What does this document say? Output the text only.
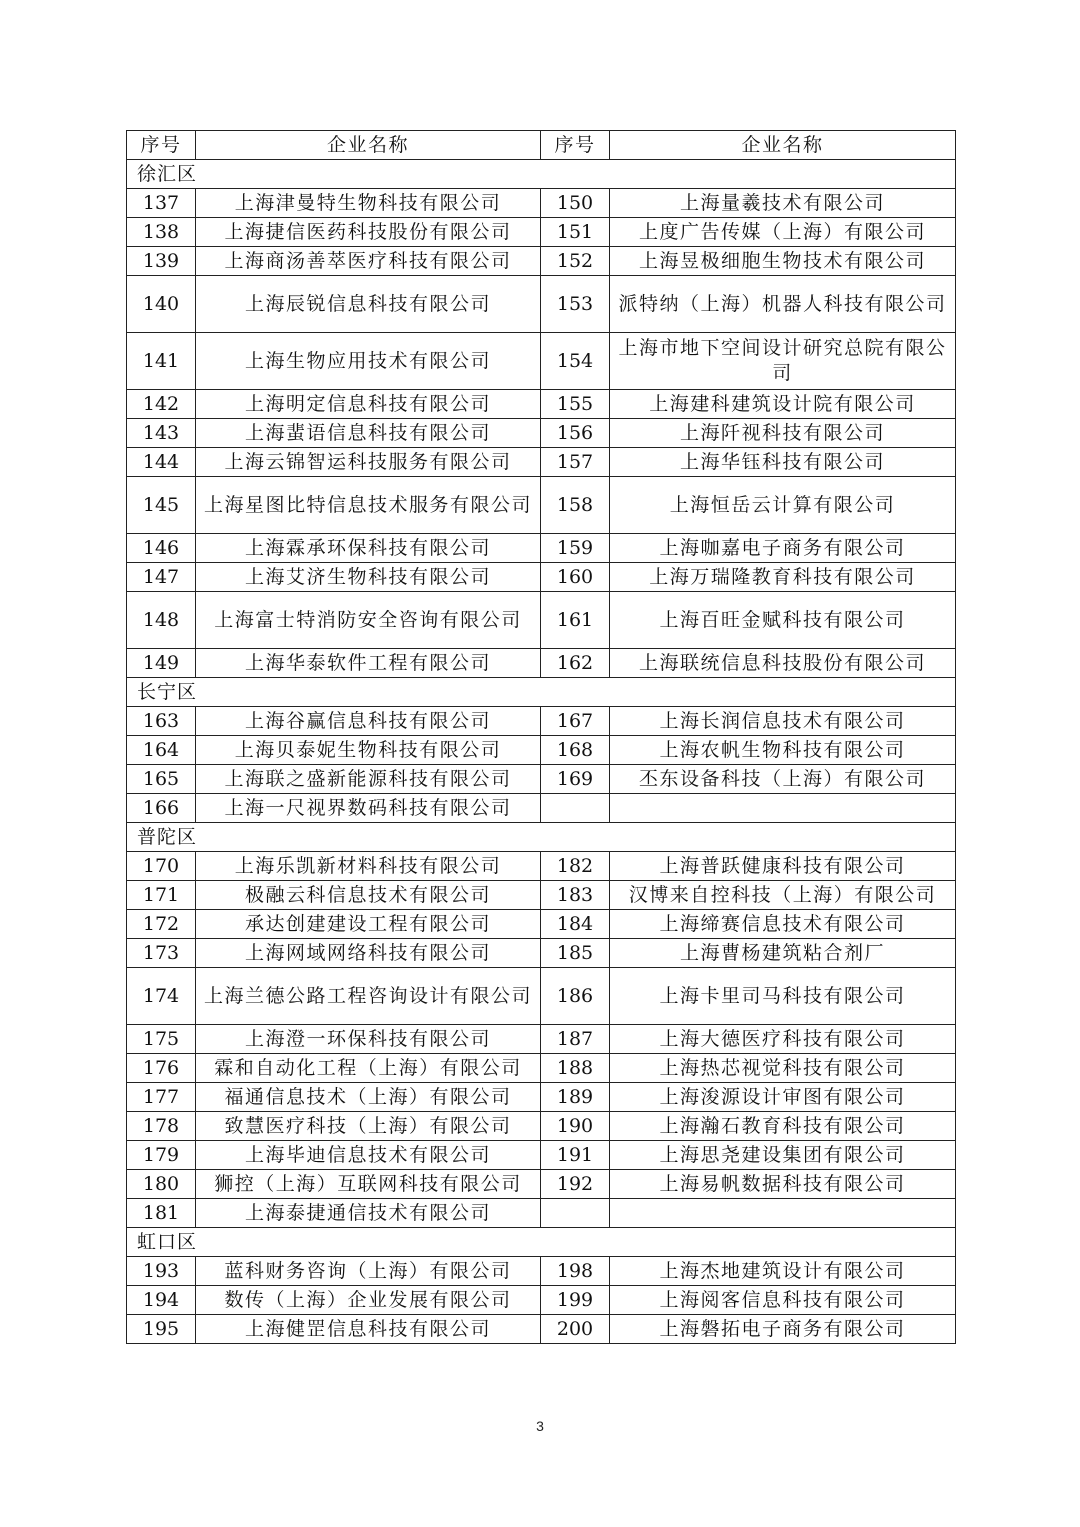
序号	企业名称	序号	企业名称
徐汇区			
137	上海津曼特生物科技有限公司	150	上海量羲技术有限公司
138	上海捷信医药科技股份有限公司	151	上度广告传媒（上海）有限公司
139	上海商汤善萃医疗科技有限公司	152	上海昱极细胞生物技术有限公司
140	上海辰锐信息科技有限公司	153	派特纳（上海）机器人科技有限公司
141	上海生物应用技术有限公司	154	上海市地下空间设计研究总院有限公司
142	上海明定信息科技有限公司	155	上海建科建筑设计院有限公司
143	上海蜚语信息科技有限公司	156	上海阡视科技有限公司
144	上海云锦智运科技服务有限公司	157	上海华钰科技有限公司
145	上海星图比特信息技术服务有限公司	158	上海恒岳云计算有限公司
146	上海霖承环保科技有限公司	159	上海咖嘉电子商务有限公司
147	上海艾济生物科技有限公司	160	上海万瑞隆教育科技有限公司
148	上海富士特消防安全咨询有限公司	161	上海百旺金赋科技有限公司
149	上海华泰软件工程有限公司	162	上海联统信息科技股份有限公司
长宁区			
163	上海谷赢信息科技有限公司	167	上海长润信息技术有限公司
164	上海贝泰妮生物科技有限公司	168	上海农帆生物科技有限公司
165	上海联之盛新能源科技有限公司	169	丕东设备科技（上海）有限公司
166	上海一尺视界数码科技有限公司		
普陀区			
170	上海乐凯新材料科技有限公司	182	上海普跃健康科技有限公司
171	极融云科信息技术有限公司	183	汉博来自控科技（上海）有限公司
172	承达创建建设工程有限公司	184	上海缔赛信息技术有限公司
173	上海网域网络科技有限公司	185	上海曹杨建筑粘合剂厂
174	上海兰德公路工程咨询设计有限公司	186	上海卡里司马科技有限公司
175	上海澄一环保科技有限公司	187	上海大德医疗科技有限公司
176	霖和自动化工程（上海）有限公司	188	上海热芯视觉科技有限公司
177	福通信息技术（上海）有限公司	189	上海浚源设计审图有限公司
178	致慧医疗科技（上海）有限公司	190	上海瀚石教育科技有限公司
179	上海毕迪信息技术有限公司	191	上海思尧建设集团有限公司
180	狮控（上海）互联网科技有限公司	192	上海易帆数据科技有限公司
181	上海泰捷通信技术有限公司		
虹口区			
193	蓝科财务咨询（上海）有限公司	198	上海杰地建筑设计有限公司
194	数传（上海）企业发展有限公司	199	上海阅客信息科技有限公司
195	上海健罡信息科技有限公司	200	上海磐拓电子商务有限公司
3
